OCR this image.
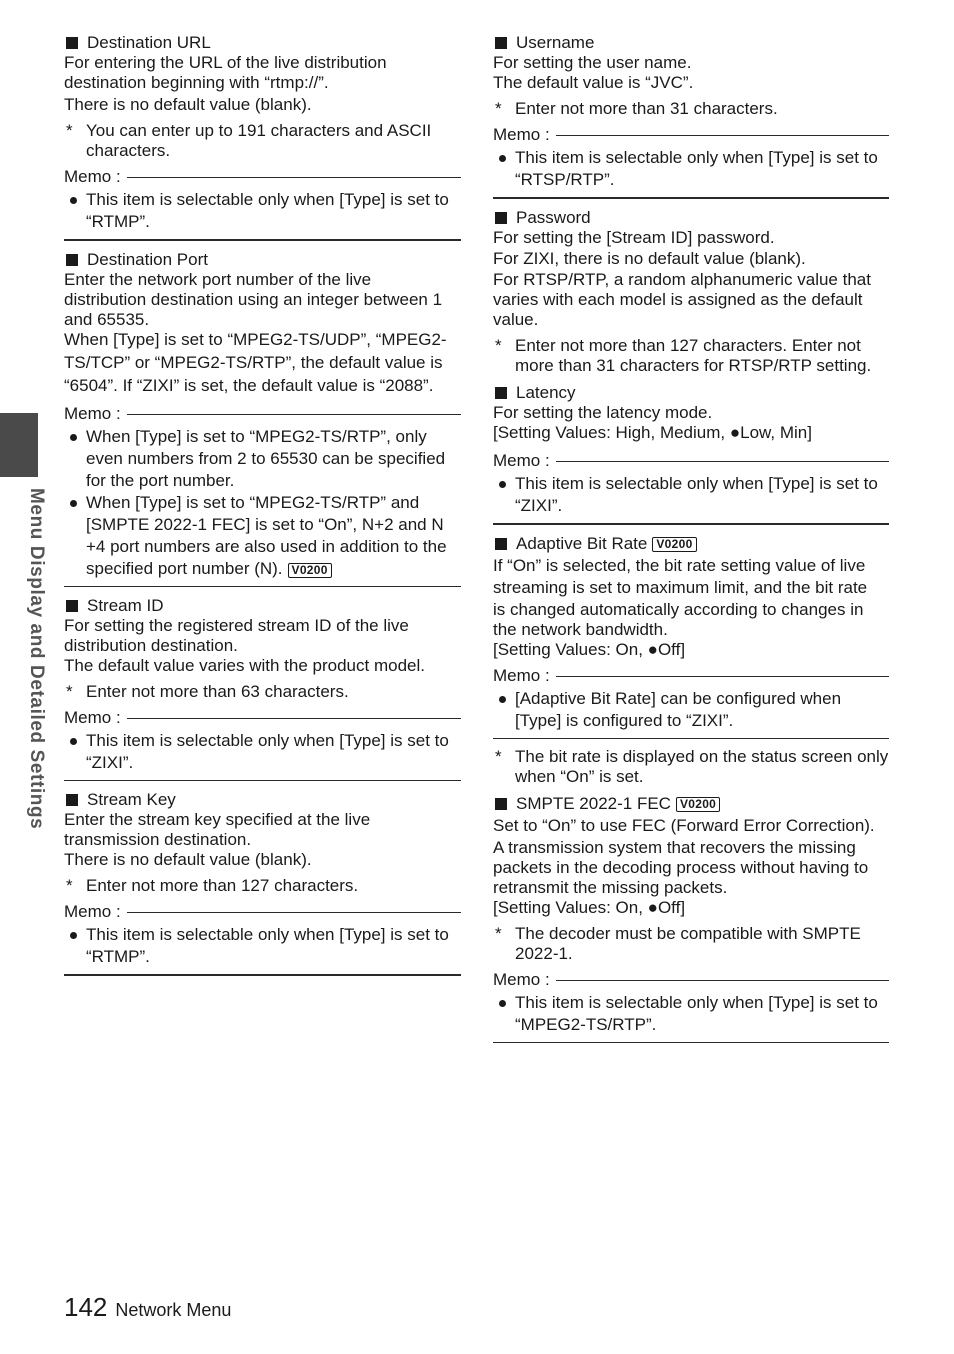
Menu Display and Detailed Settings
Destination URL

For entering the URL of the live distribution

destination beginning with “rtmp://”.

There is no default value (blank).

* You can enter up to 191 characters and ASCII characters.
Memo :
This item is selectable only when [Type] is set to “RTMP”.
Destination Port

Enter the network port number of the live

distribution destination using an integer between 1

and 65535.

When [Type] is set to “MPEG2-TS/UDP”, “MPEG2-

TS/TCP” or “MPEG2-TS/RTP”, the default value is

“6504”. If “ZIXI” is set, the default value is “2088”.

Memo :
When [Type] is set to “MPEG2-TS/RTP”, only even numbers from 2 to 65530 can be specified for the port number.
When [Type] is set to “MPEG2-TS/RTP” and [SMPTE 2022-1 FEC] is set to “On”, N+2 and N +4 port numbers are also used in addition to the specified port number (N). V0200
Stream ID

For setting the registered stream ID of the live

distribution destination.

The default value varies with the product model.

* Enter not more than 63 characters.
Memo :
This item is selectable only when [Type] is set to “ZIXI”.
Stream Key

Enter the stream key specified at the live

transmission destination.

There is no default value (blank).

* Enter not more than 127 characters.
Memo :
This item is selectable only when [Type] is set to “RTMP”.
Username

For setting the user name.

The default value is “JVC”.

* Enter not more than 31 characters.
Memo :
This item is selectable only when [Type] is set to “RTSP/RTP”.
Password

For setting the [Stream ID] password.

For ZIXI, there is no default value (blank).

For RTSP/RTP, a random alphanumeric value that

varies with each model is assigned as the default

value.

* Enter not more than 127 characters. Enter not more than 31 characters for RTSP/RTP setting.
Latency

For setting the latency mode.

[Setting Values: High, Medium, ●Low, Min]

Memo :
This item is selectable only when [Type] is set to “ZIXI”.
Adaptive Bit Rate V0200

If “On” is selected, the bit rate setting value of live

streaming is set to maximum limit, and the bit rate

is changed automatically according to changes in

the network bandwidth.

[Setting Values: On, ●Off]

Memo :
[Adaptive Bit Rate] can be configured when [Type] is configured to “ZIXI”.
* The bit rate is displayed on the status screen only when “On” is set.
SMPTE 2022-1 FEC V0200

Set to “On” to use FEC (Forward Error Correction).

A transmission system that recovers the missing

packets in the decoding process without having to

retransmit the missing packets.

[Setting Values: On, ●Off]

* The decoder must be compatible with SMPTE 2022-1.
Memo :
This item is selectable only when [Type] is set to “MPEG2-TS/RTP”.
142 Network Menu
